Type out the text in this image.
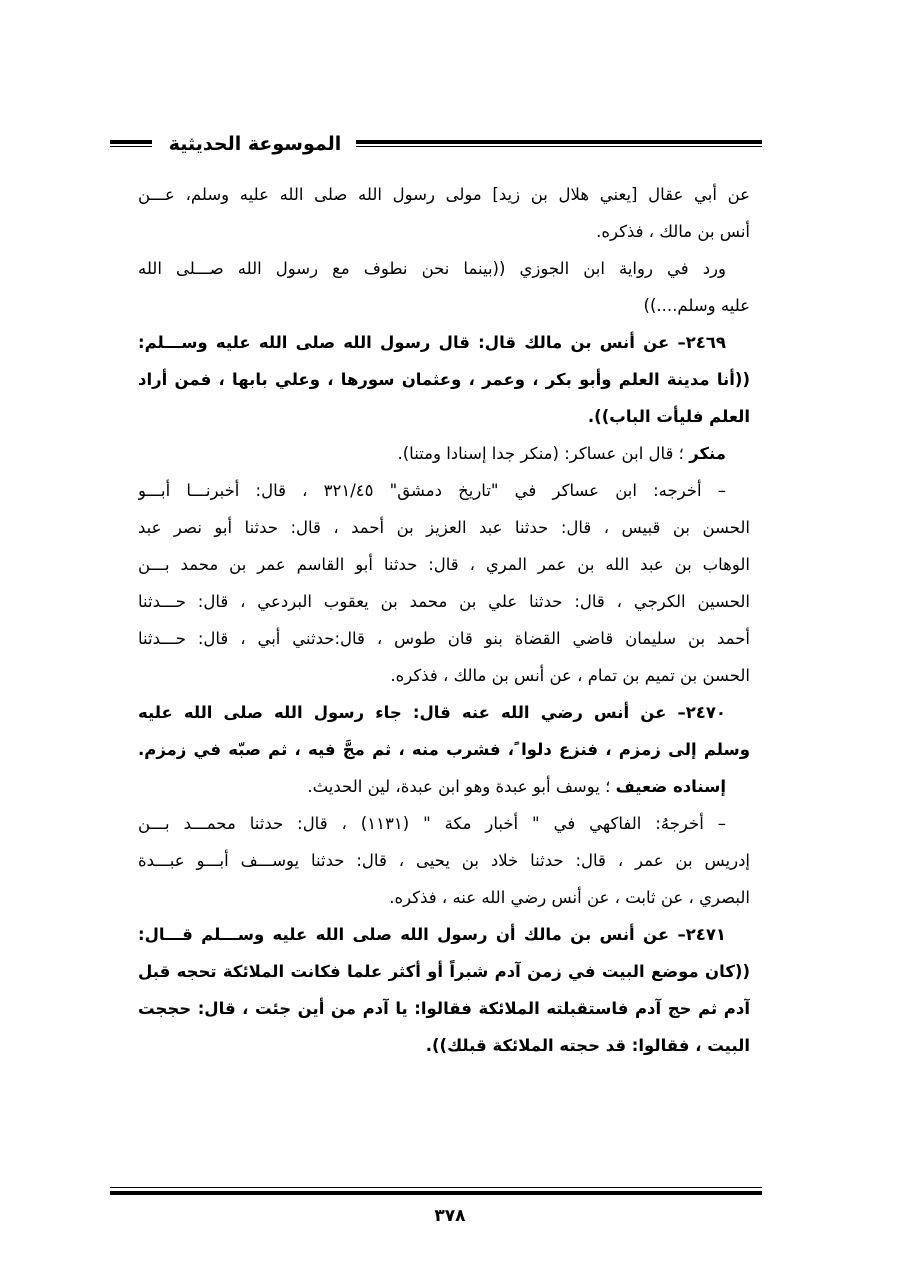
الموسوعة الحديثية
عن أبي عقال [يعني هلال بن زيد] مولى رسول الله صلى الله عليه وسلم، عـــن
أنس بن مالك ، فذكره.
ورد في رواية ابن الجوزي ((بينما نحن نطوف مع رسول الله صـــلى الله
عليه وسلم....))
٢٤٦٩– عن أنس بن مالك قال: قال رسول الله صلى الله عليه وســـلم:
((أنا مدينة العلم وأبو بكر ، وعمر ، وعثمان سورها ، وعلي بابها ، فمن أراد
العلم فليأت الباب)).
منكر ؛ قال ابن عساكر: (منكر جدا إسنادا ومتنا).
– أخرجه: ابن عساكر في "تاريخ دمشق" ٣٢١/٤٥ ، قال: أخبرنـــا أبـــو
الحسن بن قبيس ، قال: حدثنا عبد العزيز بن أحمد ، قال: حدثنا أبو نصر عبد
الوهاب بن عبد الله بن عمر المري ، قال: حدثنا أبو القاسم عمر بن محمد بـــن
الحسين الكرجي ، قال: حدثنا علي بن محمد بن يعقوب البردعي ، قال: حـــدثنا
أحمد بن سليمان قاضي القضاة بنو قان طوس ، قال:حدثني أبي ، قال: حـــدثنا
الحسن بن تميم بن تمام ، عن أنس بن مالك ، فذكره.
٢٤٧٠– عن أنس رضي الله عنه قال: جاء رسول الله صلى الله عليه
وسلم إلى زمزم ، فنزع دلوا ً، فشرب منه ، ثم مجَّ فيه ، ثم صبّه في زمزم.
إسناده ضعيف ؛ يوسف أبو عبدة وهو ابن عبدة، لين الحديث.
– أخرجهُ: الفاكهي في " أخبار مكة " (١١٣١) ، قال: حدثنا محمـــد بـــن
إدريس بن عمر ، قال: حدثنا خلاد بن يحيى ، قال: حدثنا يوســـف أبـــو عبـــدة
البصري ، عن ثابت ، عن أنس رضي الله عنه ، فذكره.
٢٤٧١– عن أنس بن مالك أن رسول الله صلى الله عليه وســـلم قـــال:
((كان موضع البيت في زمن آدم شبراً أو أكثر علما فكانت الملائكة تحجه قبل
آدم ثم حج آدم فاستقبلته الملائكة فقالوا: يا آدم من أين جئت ، قال: حججت
البيت ، فقالوا: قد حجته الملائكة قبلك)).
٣٧٨
